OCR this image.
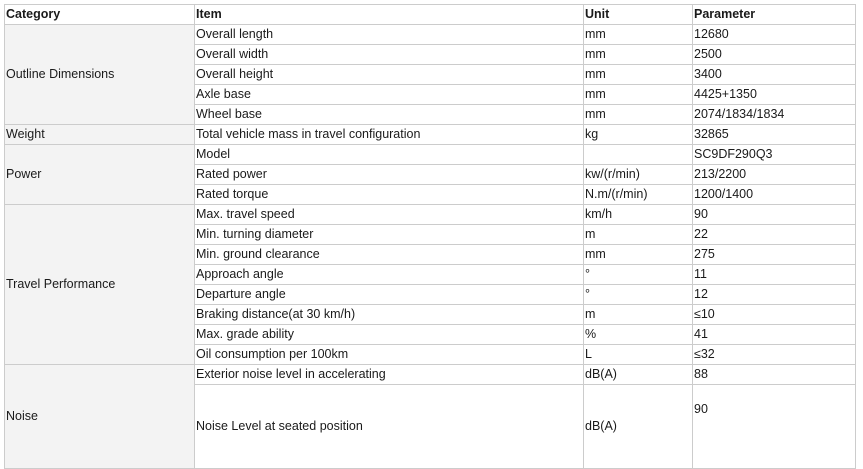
Category	Item	Unit	Parameter
Outline Dimensions	Overall length	mm	12680
	Overall width	mm	2500
	Overall height	mm	3400
	Axle base	mm	4425+1350
	Wheel base	mm	2074/1834/1834
Weight	Total vehicle mass in travel configuration	kg	32865
Power	Model		SC9DF290Q3
	Rated power	kw/(r/min)	213/2200
	Rated torque	N.m/(r/min)	1200/1400
Travel Performance	Max. travel speed	km/h	90
	Min. turning diameter	m	22
	Min. ground clearance	mm	275
	Approach angle	°	11
	Departure angle	°	12
	Braking distance(at 30 km/h)	m	≤10
	Max. grade ability	%	41
	Oil consumption per 100km	L	≤32
Noise	Exterior noise level in accelerating	dB(A)	88
	Noise Level at seated position	dB(A)	90
